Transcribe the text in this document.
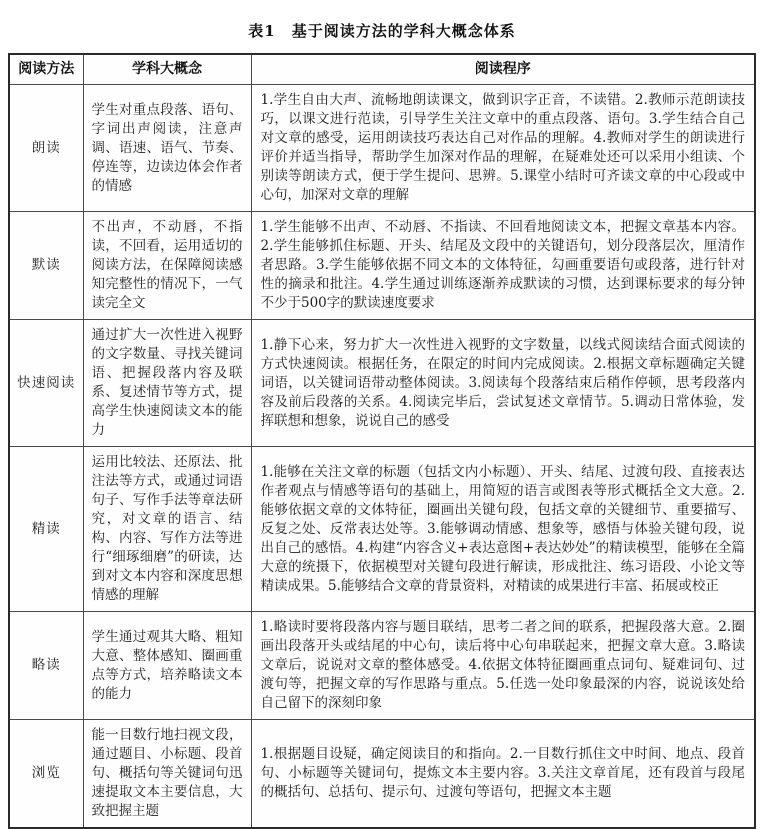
表1　基于阅读方法的学科大概念体系
阅读方法	学科大概念	阅读程序
朗读	学生对重点段落、语句、字词出声阅读，注意声调、语速、语气、节奏、停连等，边读边体会作者的情感	1.学生自由大声、流畅地朗读课文，做到识字正音，不读错。2.教师示范朗读技巧，以课文进行范读，引导学生关注文章中的重点段落、语句。3.学生结合自己对文章的感受，运用朗读技巧表达自己对作品的理解。4.教师对学生的朗读进行评价并适当指导，帮助学生加深对作品的理解，在疑难处还可以采用小组读、个别读等朗读方式，便于学生提问、思辨。5.课堂小结时可齐读文章的中心段或中心句，加深对文章的理解
默读	不出声，不动唇，不指读，不回看，运用适切的阅读方法，在保障阅读感知完整性的情况下，一气读完全文	1.学生能够不出声、不动唇、不指读、不回看地阅读文本，把握文章基本内容。2.学生能够抓住标题、开头、结尾及文段中的关键语句，划分段落层次，厘清作者思路。3.学生能够依据不同文本的文体特征，勾画重要语句或段落，进行针对性的摘录和批注。4.学生通过训练逐渐养成默读的习惯，达到课标要求的每分钟不少于500字的默读速度要求
快速阅读	通过扩大一次性进入视野的文字数量、寻找关键词语、把握段落内容及联系、复述情节等方式，提高学生快速阅读文本的能力	1.静下心来，努力扩大一次性进入视野的文字数量，以线式阅读结合面式阅读的方式快速阅读。根据任务，在限定的时间内完成阅读。2.根据文章标题确定关键词语，以关键词语带动整体阅读。3.阅读每个段落结束后稍作停顿，思考段落内容及前后段落的关系。4.阅读完毕后，尝试复述文章情节。5.调动日常体验，发挥联想和想象，说说自己的感受
精读	运用比较法、还原法、批注法等方式，或通过词语句子、写作手法等章法研究，对文章的语言、结构、内容、写作方法等进行“细琢细磨”的研读，达到对文本内容和深度思想情感的理解	1.能够在关注文章的标题（包括文内小标题）、开头、结尾、过渡句段、直接表达作者观点与情感等语句的基础上，用简短的语言或图表等形式概括全文大意。2.能够依据文章的文体特征，圈画出关键句段，包括文章的关键细节、重要描写、反复之处、反常表达处等。3.能够调动情感、想象等，感悟与体验关键句段，说出自己的感悟。4.构建“内容含义+表达意图+表达妙处”的精读模型，能够在全篇大意的统摄下，依据模型对关键句段进行解读，形成批注、练习语段、小论文等精读成果。5.能够结合文章的背景资料，对精读的成果进行丰富、拓展或校正
略读	学生通过观其大略、粗知大意、整体感知、圈画重点等方式，培养略读文本的能力	1.略读时要将段落内容与题目联结，思考二者之间的联系，把握段落大意。2.圈画出段落开头或结尾的中心句，读后将中心句串联起来，把握文章大意。3.略读文章后，说说对文章的整体感受。4.依据文体特征圈画重点词句、疑难词句、过渡句等，把握文章的写作思路与重点。5.任选一处印象最深的内容，说说该处给自己留下的深刻印象
浏览	能一目数行地扫视文段，通过题目、小标题、段首句、概括句等关键词句迅速提取文本主要信息，大致把握主题	1.根据题目设疑，确定阅读目的和指向。2.一目数行抓住文中时间、地点、段首句、小标题等关键词句，提炼文本主要内容。3.关注文章首尾，还有段首与段尾的概括句、总括句、提示句、过渡句等语句，把握文本主题
